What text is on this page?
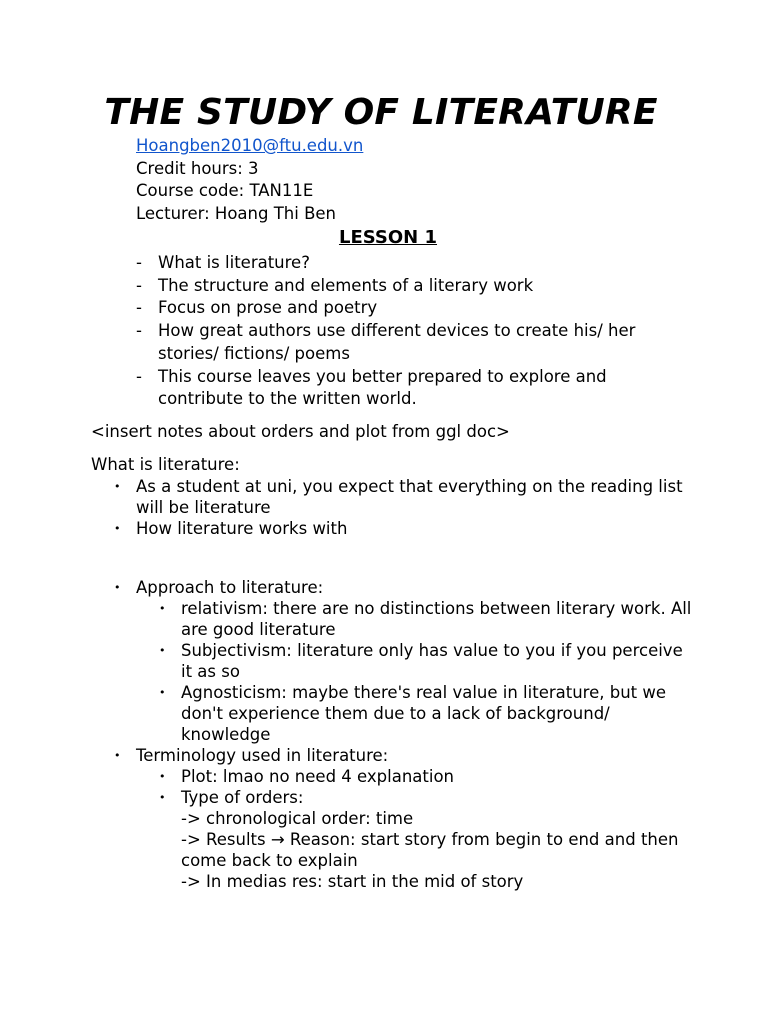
THE STUDY OF LITERATURE
Hoangben2010@ftu.edu.vn
Credit hours: 3
Course code: TAN11E
Lecturer: Hoang Thi Ben
LESSON 1
- What is literature?
- The structure and elements of a literary work
- Focus on prose and poetry
- How great authors use different devices to create his/ her stories/ fictions/ poems
- This course leaves you better prepared to explore and contribute to the written world.
<insert notes about orders and plot from ggl doc>
What is literature:
• As a student at uni, you expect that everything on the reading list will be literature
• How literature works with
• Approach to literature:
• relativism: there are no distinctions between literary work. All are good literature
• Subjectivism: literature only has value to you if you perceive it as so
• Agnosticism: maybe there's real value in literature, but we don't experience them due to a lack of background/ knowledge
• Terminology used in literature:
• Plot: lmao no need 4 explanation
• Type of orders:
-> chronological order: time
-> Results → Reason: start story from begin to end and then come back to explain
-> In medias res: start in the mid of story
